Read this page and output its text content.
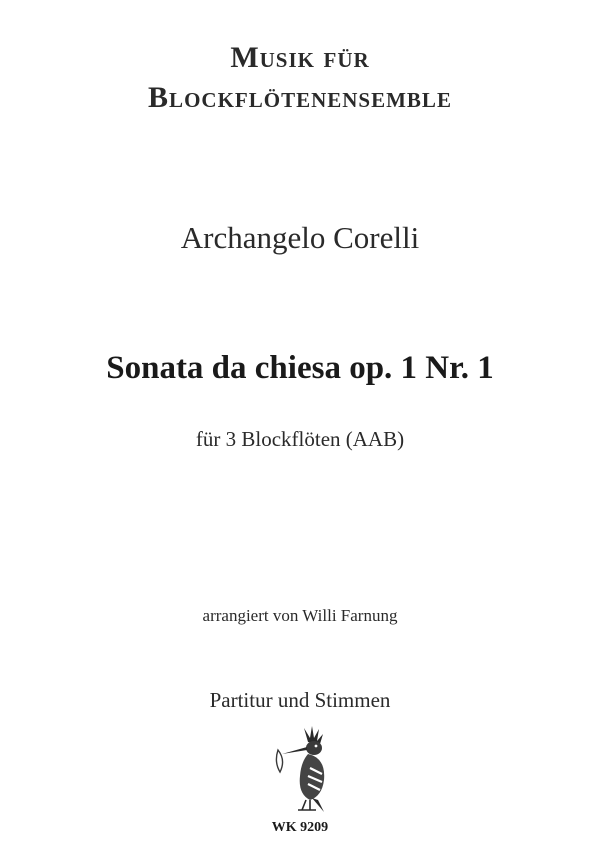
Musik für
Blockflötenensemble
Archangelo Corelli
Sonata da chiesa op. 1 Nr. 1
für 3 Blockflöten (AAB)
arrangiert von Willi Farnung
Partitur und Stimmen
WK 9209
